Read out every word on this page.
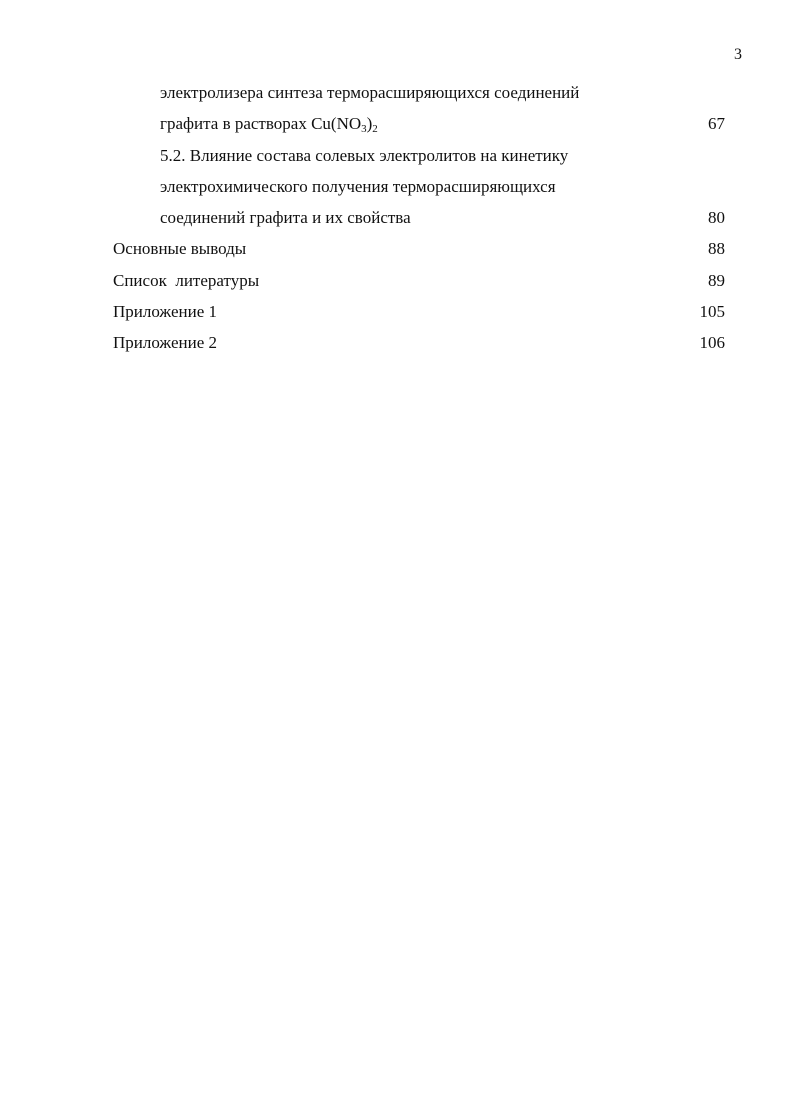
3
электролизера синтеза терморасширяющихся соединений
графита в растворах $Cu(NO_3)_2$	67
5.2. Влияние состава солевых электролитов на кинетику
электрохимического получения терморасширяющихся
соединений графита и их свойства	80
Основные выводы	88
Список  литературы	89
Приложение 1	105
Приложение 2	106
